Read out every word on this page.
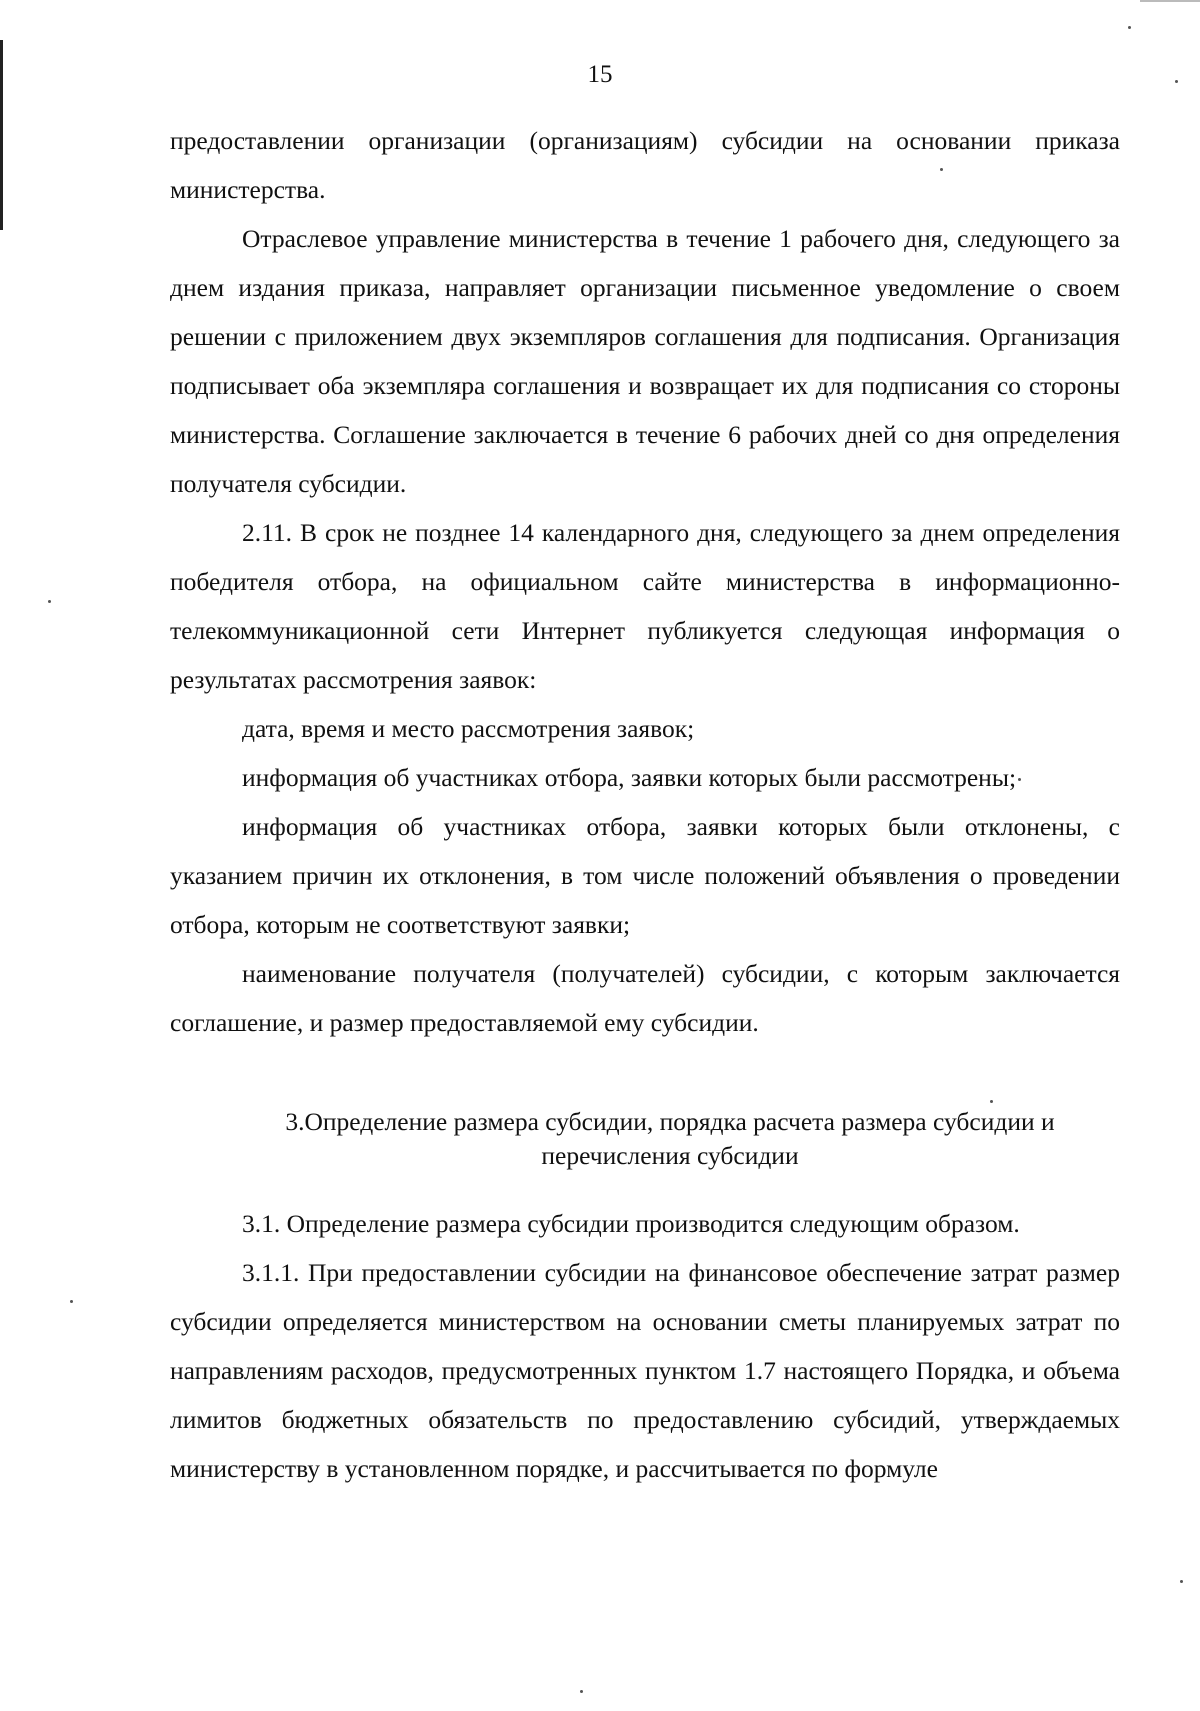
15

предоставлении организации (организациям) субсидии на основании приказа министерства.

Отраслевое управление министерства в течение 1 рабочего дня, следующего за днем издания приказа, направляет организации письменное уведомление о своем решении с приложением двух экземпляров соглашения для подписания. Организация подписывает оба экземпляра соглашения и возвращает их для подписания со стороны министерства. Соглашение заключается в течение 6 рабочих дней со дня определения получателя субсидии.

2.11. В срок не позднее 14 календарного дня, следующего за днем определения победителя отбора, на официальном сайте министерства в информационно-телекоммуникационной сети Интернет публикуется следующая информация о результатах рассмотрения заявок:

дата, время и место рассмотрения заявок;

информация об участниках отбора, заявки которых были рассмотрены;

информация об участниках отбора, заявки которых были отклонены, с указанием причин их отклонения, в том числе положений объявления о проведении отбора, которым не соответствуют заявки;

наименование получателя (получателей) субсидии, с которым заключается соглашение, и размер предоставляемой ему субсидии.

3.Определение размера субсидии, порядка расчета размера субсидии и
перечисления субсидии

3.1. Определение размера субсидии производится следующим образом.

3.1.1. При предоставлении субсидии на финансовое обеспечение затрат размер субсидии определяется министерством на основании сметы планируемых затрат по направлениям расходов, предусмотренных пунктом 1.7 настоящего Порядка, и объема лимитов бюджетных обязательств по предоставлению субсидий, утверждаемых министерству в установленном порядке, и рассчитывается по формуле
